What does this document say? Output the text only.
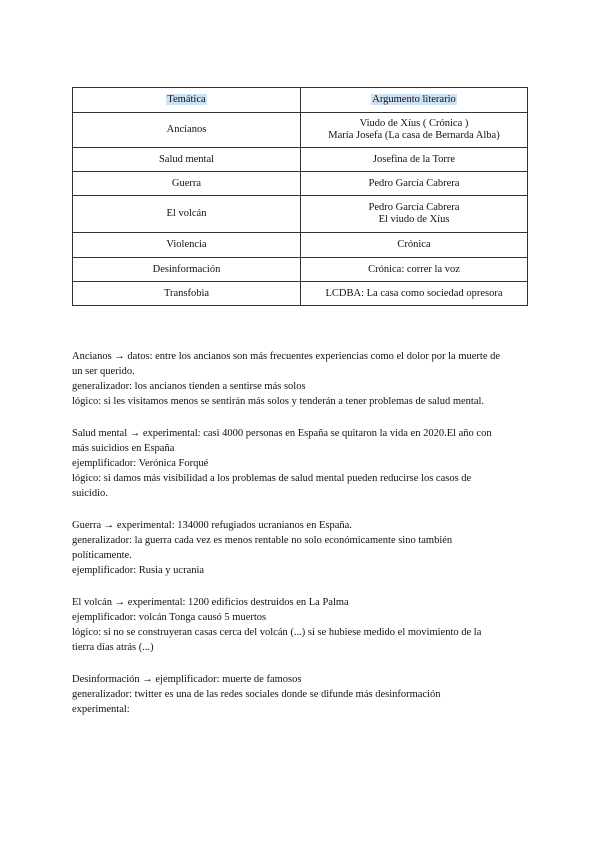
Temática	Argumento literario
Ancianos	Viudo de Xíus ( Crónica )
María Josefa (La casa de Bernarda Alba)

Salud mental	Josefina de la Torre

Guerra	Pedro García Cabrera

El volcán	Pedro García Cabrera
El viudo de Xíus

Violencia	Crónica

Desinformación	Crónica: correr la voz

Transfobia	LCDBA: La casa como sociedad opresora
Ancianos → datos: entre los ancianos son más frecuentes experiencias como el dolor por la muerte de
un ser querido.
generalizador: los ancianos tienden a sentirse más solos
lógico: si les visitamos menos se sentirán más solos y tenderán a tener problemas de salud mental.
Salud mental → experimental: casi 4000 personas en España se quitaron la vida en 2020.El año con
más suicidios en España
ejemplificador: Verónica Forqué
lógico: si damos más visibilidad a los problemas de salud mental pueden reducirse los casos de
suicidio.
Guerra → experimental: 134000 refugiados ucranianos en España.
generalizador: la guerra cada vez es menos rentable no solo económicamente sino también
políticamente.
ejemplificador: Rusia y ucrania
El volcán → experimental: 1200 edificios destruidos en La Palma
ejemplificador: volcán Tonga causó 5 muertos
lógico: si no se construyeran casas cerca del volcán (...) si se hubiese medido el movimiento de la
tierra días atrás (...)
Desinformación → ejemplificador: muerte de famosos
generalizador: twitter es una de las redes sociales donde se difunde más desinformación
experimental:
